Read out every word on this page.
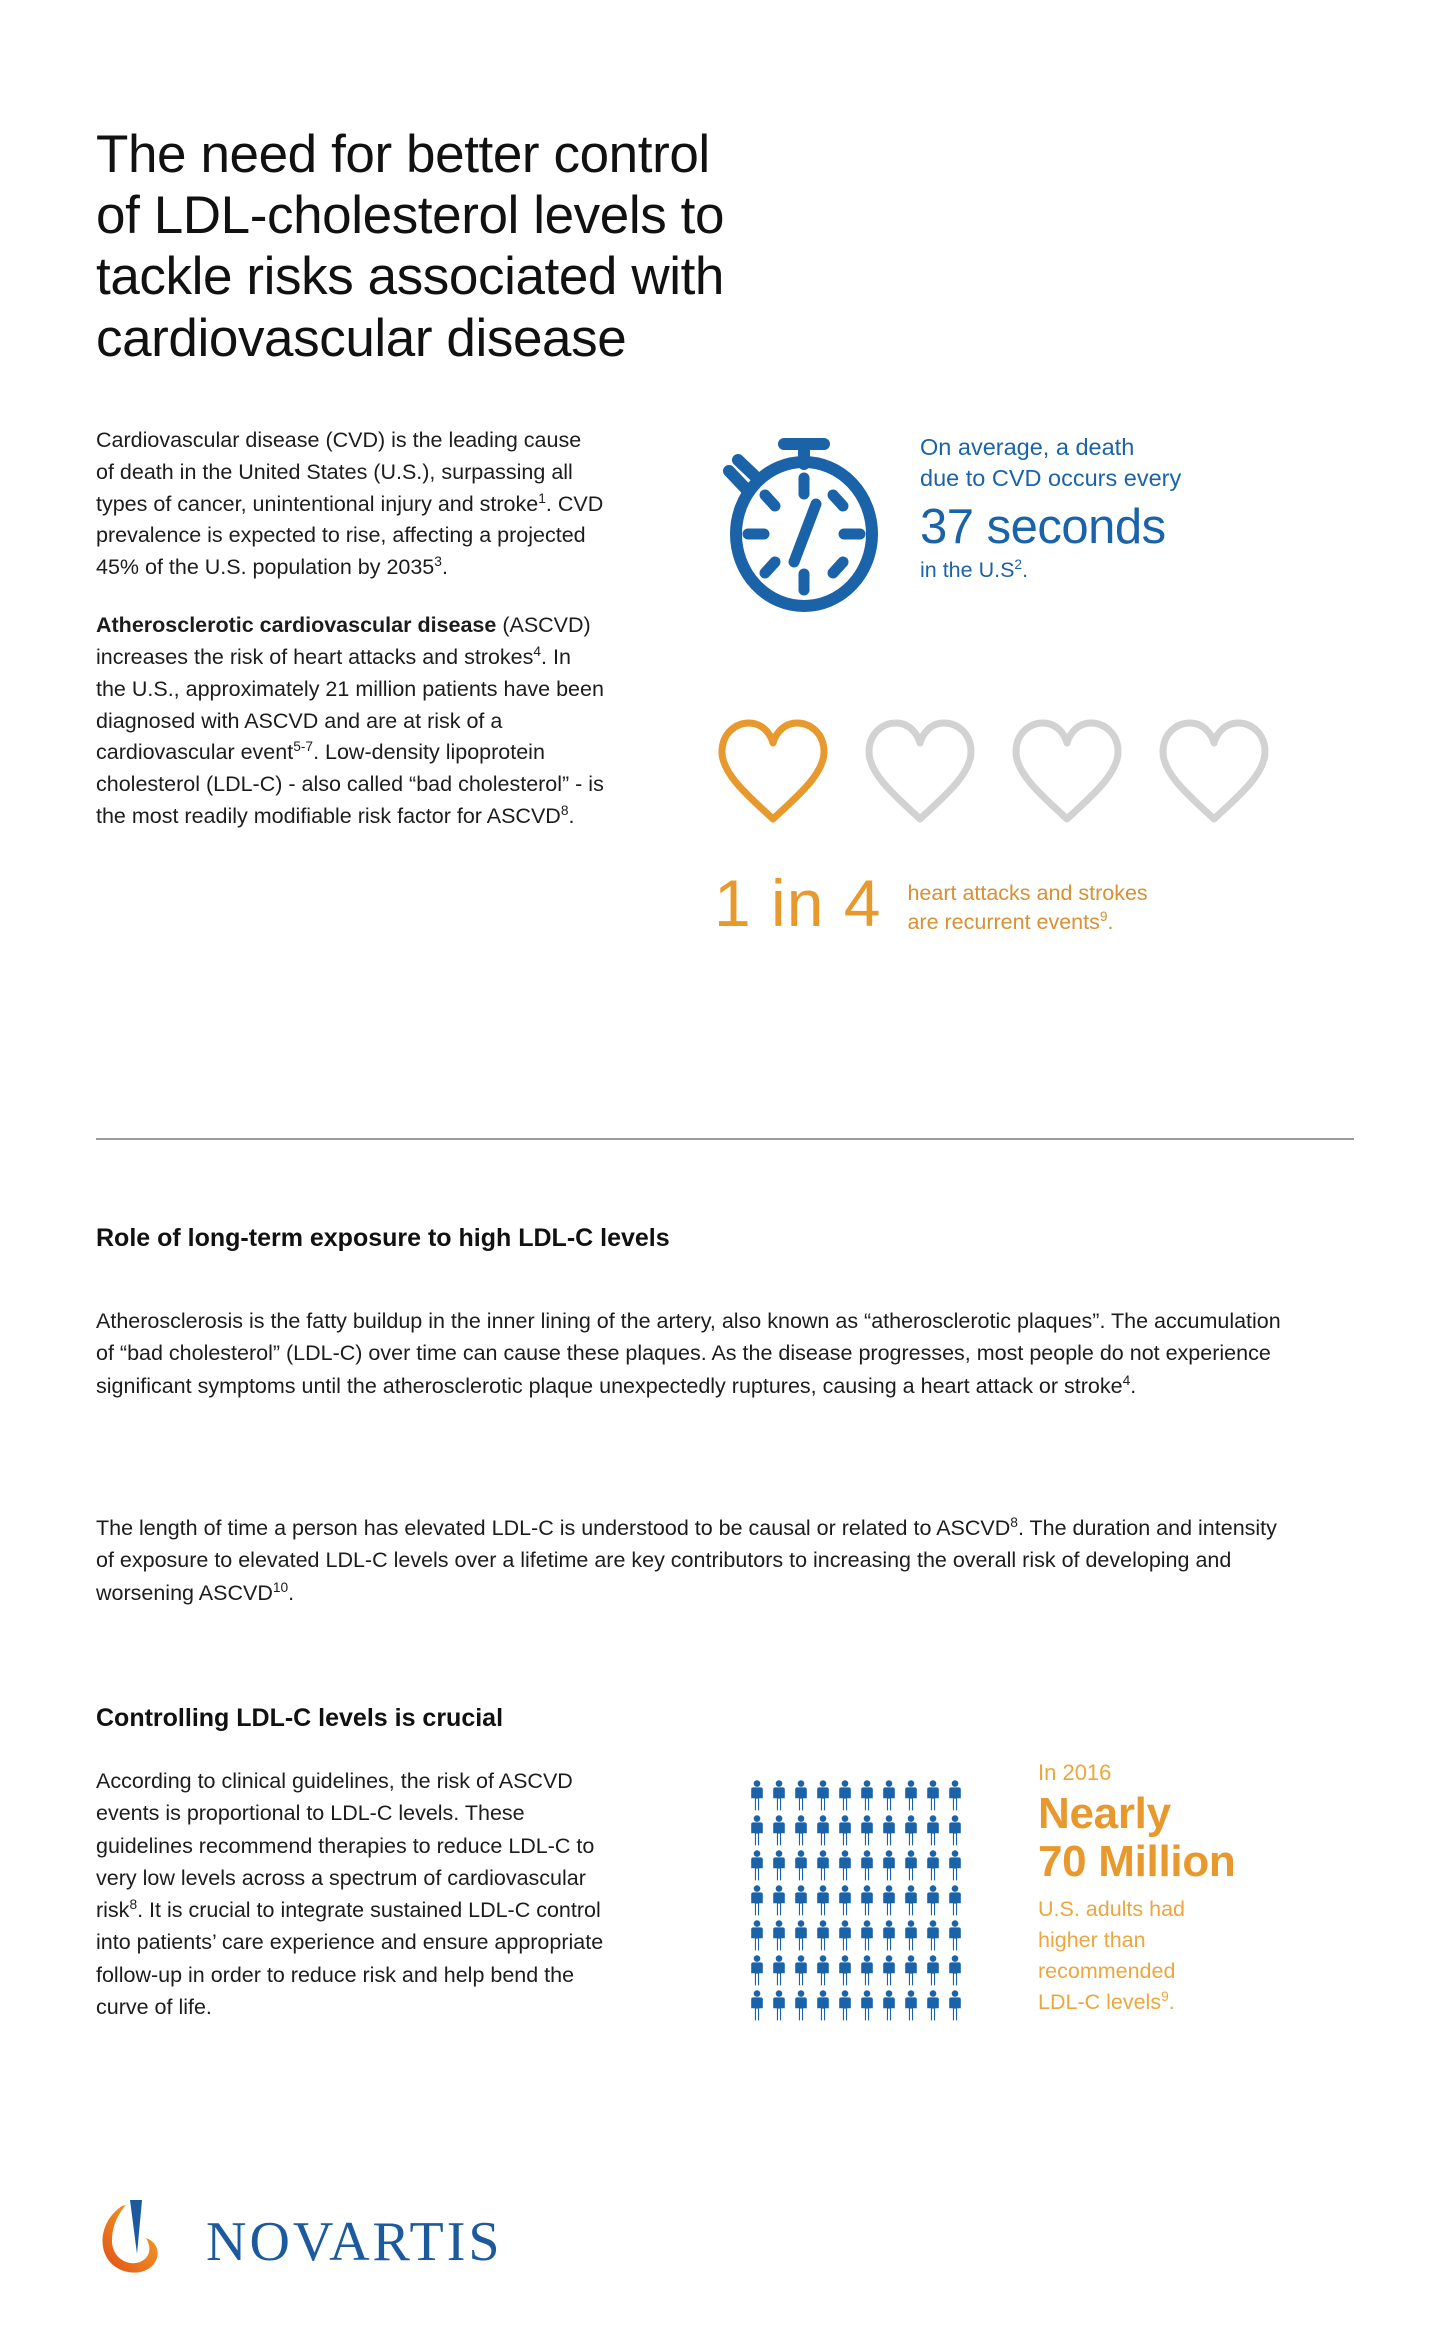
The need for better control
of LDL-cholesterol levels to
tackle risks associated with
cardiovascular disease

Cardiovascular disease (CVD) is the leading cause of death in the United States (U.S.), surpassing all types of cancer, unintentional injury and stroke$^1$. CVD prevalence is expected to rise, affecting a projected 45% of the U.S. population by 2035$^3$.

Atherosclerotic cardiovascular disease (ASCVD) increases the risk of heart attacks and strokes$^4$. In the U.S., approximately 21 million patients have been diagnosed with ASCVD and are at risk of a cardiovascular event$^{5-7}$. Low-density lipoprotein cholesterol (LDL-C) - also called “bad cholesterol” - is the most readily modifiable risk factor for ASCVD$^8$.

On average, a death
due to CVD occurs every
37 seconds
in the $U.S^2$.
1 in 4 heart attacks and strokes
are recurrent events$^9$.
Role of long-term exposure to high LDL-C levels

Atherosclerosis is the fatty buildup in the inner lining of the artery, also known as “atherosclerotic plaques”. The accumulation of “bad cholesterol” (LDL-C) over time can cause these plaques. As the disease progresses, most people do not experience significant symptoms until the atherosclerotic plaque unexpectedly ruptures, causing a heart attack or stroke$^4$.

The length of time a person has elevated LDL-C is understood to be causal or related to ASCVD$^8$. The duration and intensity of exposure to elevated LDL-C levels over a lifetime are key contributors to increasing the overall risk of developing and worsening ASCVD$^{10}$.

Controlling LDL-C levels is crucial

According to clinical guidelines, the risk of ASCVD events is proportional to LDL-C levels. These guidelines recommend therapies to reduce LDL-C to very low levels across a spectrum of cardiovascular risk$^8$. It is crucial to integrate sustained LDL-C control into patients’ care experience and ensure appropriate follow-up in order to reduce risk and help bend the curve of life.

In 2016
Nearly
70 Million
U.S. adults had
higher than
recommended
LDL-C levels$^9$.
NOVARTIS
